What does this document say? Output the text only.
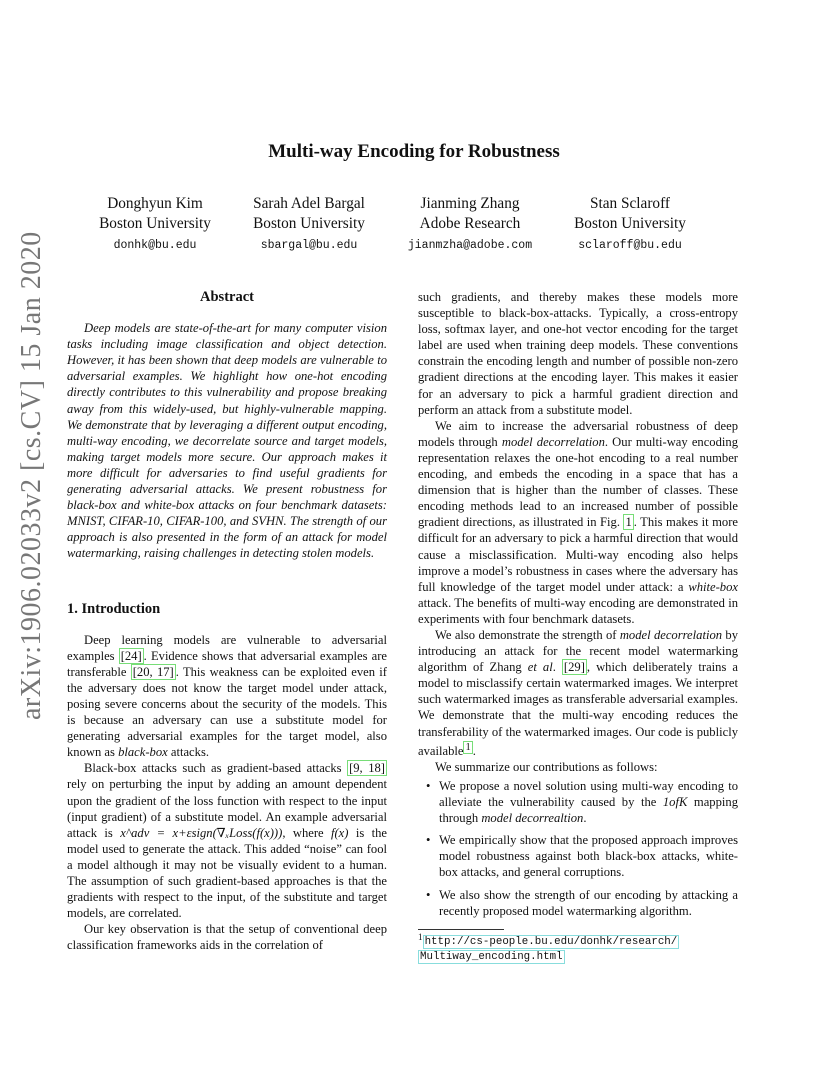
arXiv:1906.02033v2 [cs.CV] 15 Jan 2020
Multi-way Encoding for Robustness
Donghyun Kim
Boston University
donhk@bu.edu
Sarah Adel Bargal
Boston University
sbargal@bu.edu
Jianming Zhang
Adobe Research
jianmzha@adobe.com
Stan Sclaroff
Boston University
sclaroff@bu.edu
Abstract

Deep models are state-of-the-art for many computer vision tasks including image classification and object detection. However, it has been shown that deep models are vulnerable to adversarial examples. We highlight how one-hot encoding directly contributes to this vulnerability and propose breaking away from this widely-used, but highly-vulnerable mapping. We demonstrate that by leveraging a different output encoding, multi-way encoding, we decorrelate source and target models, making target models more secure. Our approach makes it more difficult for adversaries to find useful gradients for generating adversarial attacks. We present robustness for black-box and white-box attacks on four benchmark datasets: MNIST, CIFAR-10, CIFAR-100, and SVHN. The strength of our approach is also presented in the form of an attack for model watermarking, raising challenges in detecting stolen models.

1. Introduction

Deep learning models are vulnerable to adversarial examples [24] . Evidence shows that adversarial examples are transferable [20, 17] . This weakness can be exploited even if the adversary does not know the target model under attack, posing severe concerns about the security of the models. This is because an adversary can use a substitute model for generating adversarial examples for the target model, also known as black-box attacks.

Black-box attacks such as gradient-based attacks [9, 18] rely on perturbing the input by adding an amount dependent upon the gradient of the loss function with respect to the input (input gradient) of a substitute model. An example adversarial attack is x^adv = x+εsign(∇ₓLoss(f(x))), where f(x) is the model used to generate the attack. This added “noise” can fool a model although it may not be visually evident to a human. The assumption of such gradient-based approaches is that the gradients with respect to the input, of the substitute and target models, are correlated.

Our key observation is that the setup of conventional deep classification frameworks aids in the correlation of

such gradients, and thereby makes these models more susceptible to black-box-attacks. Typically, a cross-entropy loss, softmax layer, and one-hot vector encoding for the target label are used when training deep models. These conventions constrain the encoding length and number of possible non-zero gradient directions at the encoding layer. This makes it easier for an adversary to pick a harmful gradient direction and perform an attack from a substitute model.

We aim to increase the adversarial robustness of deep models through model decorrelation. Our multi-way encoding representation relaxes the one-hot encoding to a real number encoding, and embeds the encoding in a space that has a dimension that is higher than the number of classes. These encoding methods lead to an increased number of possible gradient directions, as illustrated in Fig. 1 . This makes it more difficult for an adversary to pick a harmful direction that would cause a misclassification. Multi-way encoding also helps improve a model’s robustness in cases where the adversary has full knowledge of the target model under attack: a white-box attack. The benefits of multi-way encoding are demonstrated in experiments with four benchmark datasets.

We also demonstrate the strength of model decorrelation by introducing an attack for the recent model watermarking algorithm of Zhang et al. [29] , which deliberately trains a model to misclassify certain watermarked images. We interpret such watermarked images as transferable adversarial examples. We demonstrate that the multi-way encoding reduces the transferability of the watermarked images. Our code is publicly available $^1$ .

We summarize our contributions as follows:

• We propose a novel solution using multi-way encoding to alleviate the vulnerability caused by the 1ofK mapping through model decorrealtion.
• We empirically show that the proposed approach improves model robustness against both black-box attacks, white-box attacks, and general corruptions.
• We also show the strength of our encoding by attacking a recently proposed model watermarking algorithm.
$^1$ http://cs-people.bu.edu/donhk/research/
Multiway_encoding.html
